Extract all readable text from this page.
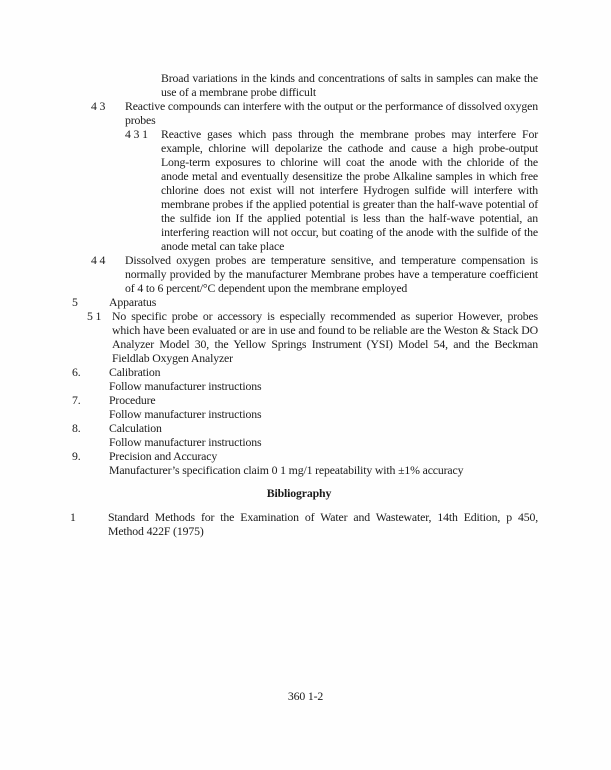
Broad variations in the kinds and concentrations of salts in samples can make the use of a membrane probe difficult
4 3 Reactive compounds can interfere with the output or the performance of dissolved oxygen probes
4 3 1 Reactive gases which pass through the membrane probes may interfere For example, chlorine will depolarize the cathode and cause a high probe-output Long-term exposures to chlorine will coat the anode with the chloride of the anode metal and eventually desensitize the probe Alkaline samples in which free chlorine does not exist will not interfere Hydrogen sulfide will interfere with membrane probes if the applied potential is greater than the half-wave potential of the sulfide ion If the applied potential is less than the half-wave potential, an interfering reaction will not occur, but coating of the anode with the sulfide of the anode metal can take place
4 4 Dissolved oxygen probes are temperature sensitive, and temperature compensation is normally provided by the manufacturer Membrane probes have a temperature coefficient of 4 to 6 percent/°C dependent upon the membrane employed
5	Apparatus
5 1 No specific probe or accessory is especially recommended as superior However, probes which have been evaluated or are in use and found to be reliable are the Weston & Stack DO Analyzer Model 30, the Yellow Springs Instrument (YSI) Model 54, and the Beckman Fieldlab Oxygen Analyzer
6. Calibration
Follow manufacturer instructions
7. Procedure
Follow manufacturer instructions
8. Calculation
Follow manufacturer instructions
9. Precision and Accuracy
Manufacturer’s specification claim 0 1 mg/1 repeatability with ±1% accuracy
Bibliography
1	Standard Methods for the Examination of Water and Wastewater, 14th Edition, p 450, Method 422F (1975)
360 1-2
